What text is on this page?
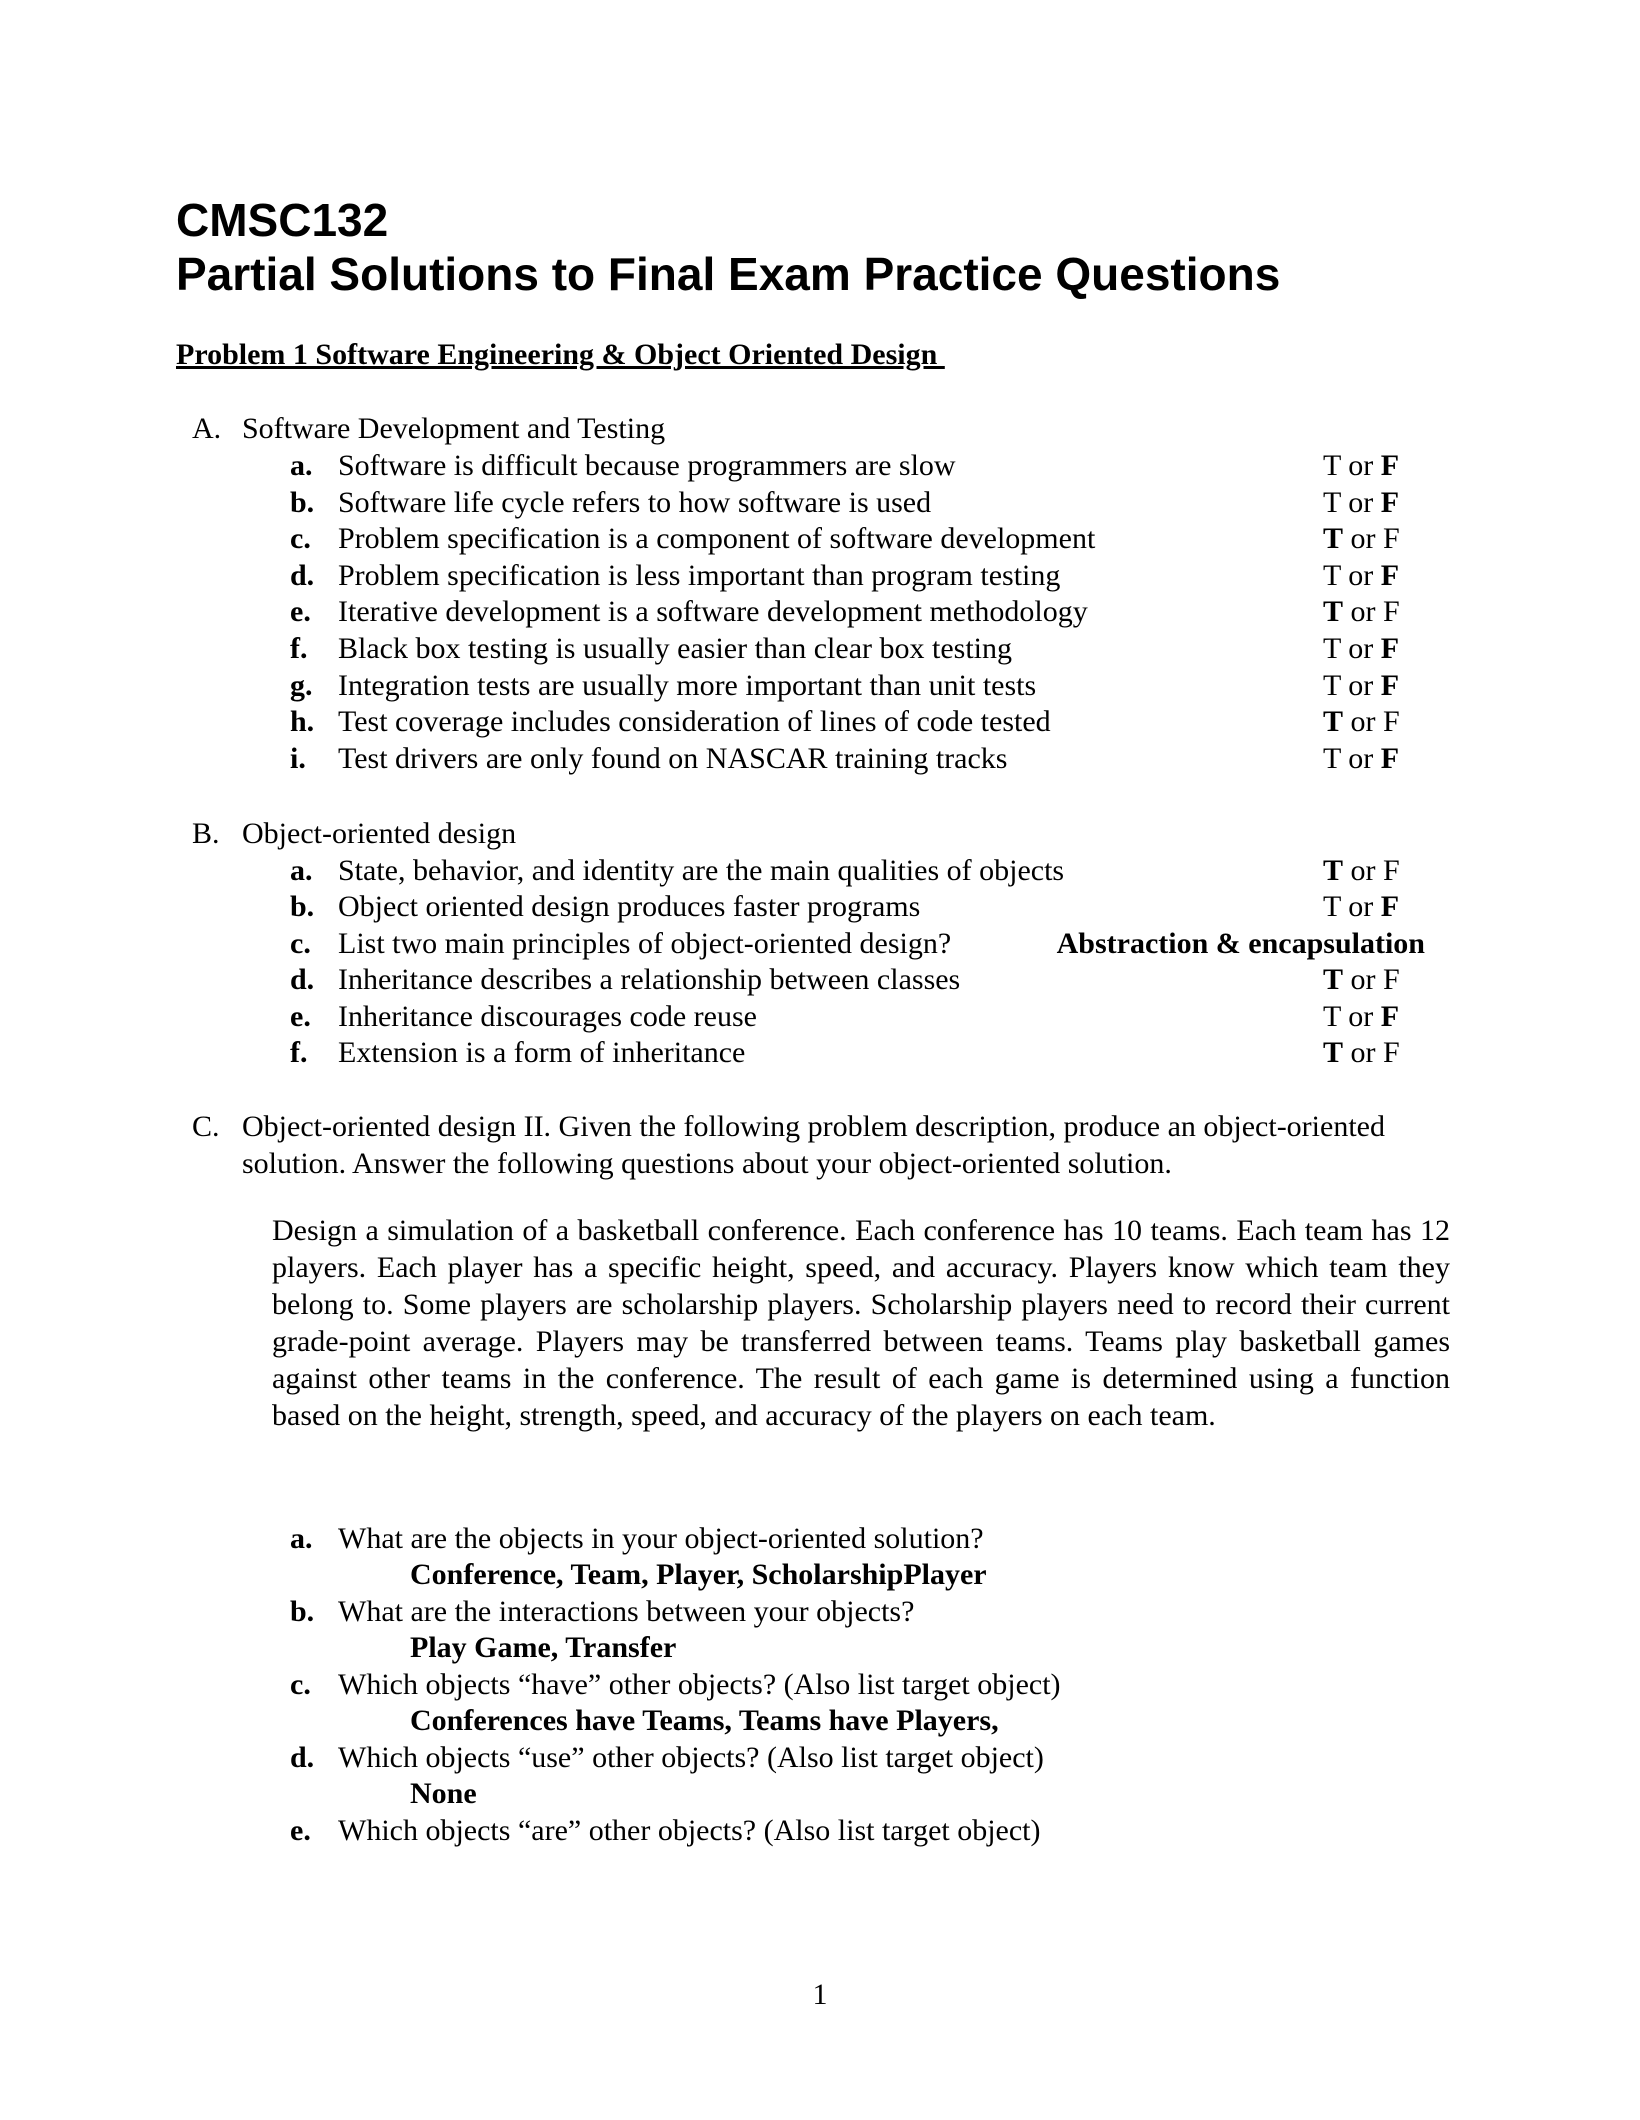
CMSC132
Partial Solutions to Final Exam Practice Questions
Problem 1 Software Engineering & Object Oriented Design
A. Software Development and Testing
a. Software is difficult because programmers are slow	T or F
b. Software life cycle refers to how software is used	T or F
c. Problem specification is a component of software development	T or F
d. Problem specification is less important than program testing	T or F
e. Iterative development is a software development methodology	T or F
f. Black box testing is usually easier than clear box testing	T or F
g. Integration tests are usually more important than unit tests	T or F
h. Test coverage includes consideration of lines of code tested	T or F
i. Test drivers are only found on NASCAR training tracks	T or F
B. Object-oriented design
a. State, behavior, and identity are the main qualities of objects	T or F
b. Object oriented design produces faster programs	T or F
c. List two main principles of object-oriented design?	Abstraction & encapsulation
d. Inheritance describes a relationship between classes	T or F
e. Inheritance discourages code reuse	T or F
f. Extension is a form of inheritance	T or F
C. Object-oriented design II. Given the following problem description, produce an object-oriented solution. Answer the following questions about your object-oriented solution.
Design a simulation of a basketball conference. Each conference has 10 teams. Each team has 12 players. Each player has a specific height, speed, and accuracy. Players know which team they belong to. Some players are scholarship players. Scholarship players need to record their current grade-point average. Players may be transferred between teams. Teams play basketball games against other teams in the conference. The result of each game is determined using a function based on the height, strength, speed, and accuracy of the players on each team.
a. What are the objects in your object-oriented solution?
Conference, Team, Player, ScholarshipPlayer
b. What are the interactions between your objects?
Play Game, Transfer
c. Which objects “have” other objects? (Also list target object)
Conferences have Teams, Teams have Players,
d. Which objects “use” other objects? (Also list target object)
None
e. Which objects “are” other objects? (Also list target object)
1
